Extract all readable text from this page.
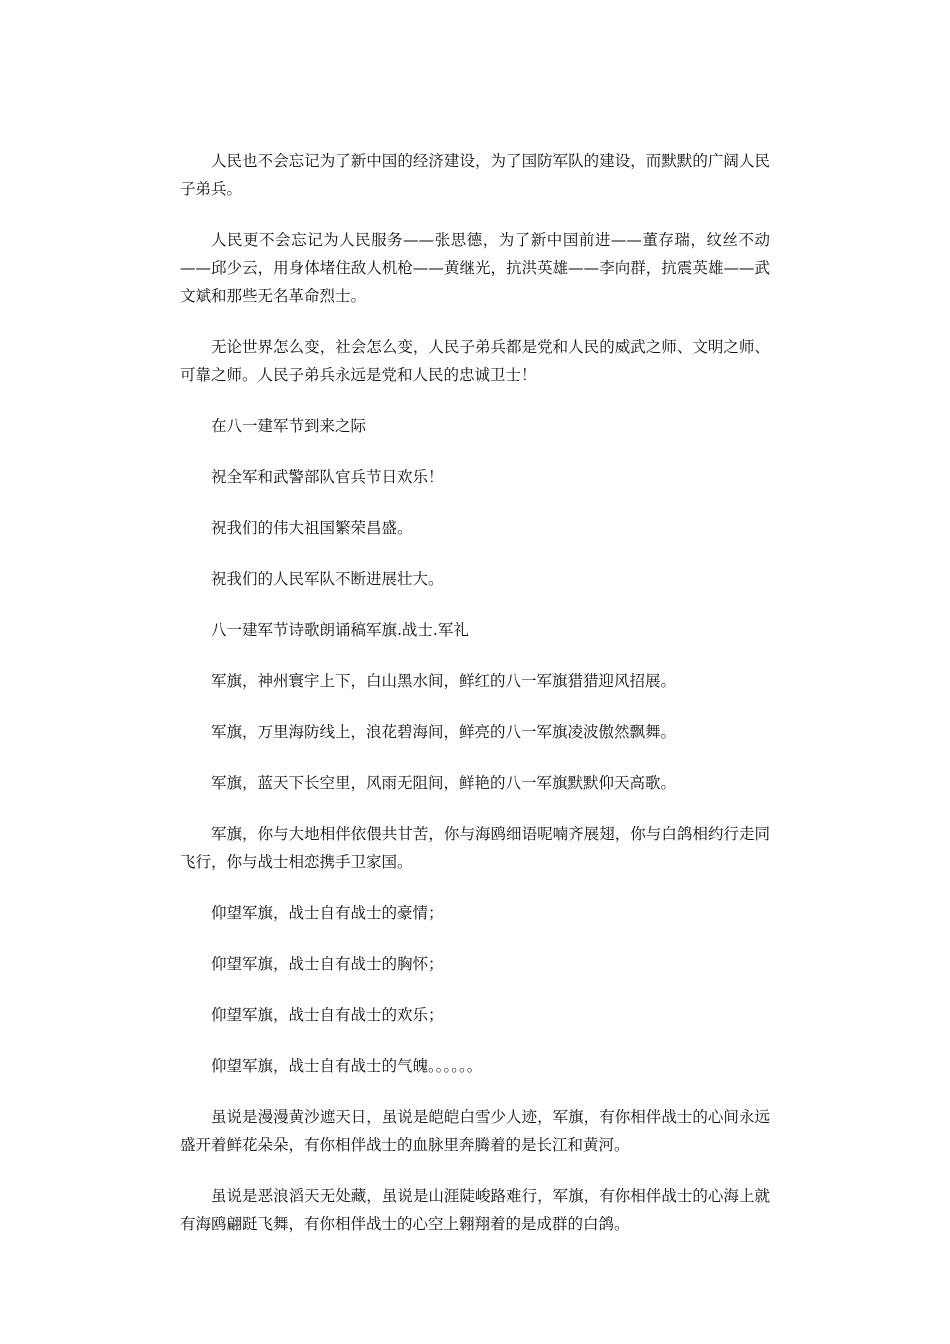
人民也不会忘记为了新中国的经济建设，为了国防军队的建设，而默默的广阔人民子弟兵。

人民更不会忘记为人民服务——张思德，为了新中国前进——董存瑞，纹丝不动——邱少云，用身体堵住敌人机枪——黄继光，抗洪英雄——李向群，抗震英雄——武文斌和那些无名革命烈士。

无论世界怎么变，社会怎么变，人民子弟兵都是党和人民的威武之师、文明之师、可靠之师。人民子弟兵永远是党和人民的忠诚卫士！

在八一建军节到来之际

祝全军和武警部队官兵节日欢乐！

祝我们的伟大祖国繁荣昌盛。

祝我们的人民军队不断进展壮大。

八一建军节诗歌朗诵稿军旗.战士.军礼

军旗，神州寰宇上下，白山黑水间，鲜红的八一军旗猎猎迎风招展。

军旗，万里海防线上，浪花碧海间，鲜亮的八一军旗凌波傲然飘舞。

军旗，蓝天下长空里，风雨无阻间，鲜艳的八一军旗默默仰天高歌。

军旗，你与大地相伴依偎共甘苦，你与海鸥细语呢喃齐展翅，你与白鸽相约行走同飞行，你与战士相恋携手卫家国。

仰望军旗，战士自有战士的豪情；

仰望军旗，战士自有战士的胸怀；

仰望军旗，战士自有战士的欢乐；

仰望军旗，战士自有战士的气魄。。。。。。

虽说是漫漫黄沙遮天日，虽说是皑皑白雪少人迹，军旗，有你相伴战士的心间永远盛开着鲜花朵朵，有你相伴战士的血脉里奔腾着的是长江和黄河。

虽说是恶浪滔天无处藏，虽说是山涯陡峻路难行，军旗，有你相伴战士的心海上就有海鸥翩跹飞舞，有你相伴战士的心空上翱翔着的是成群的白鸽。
